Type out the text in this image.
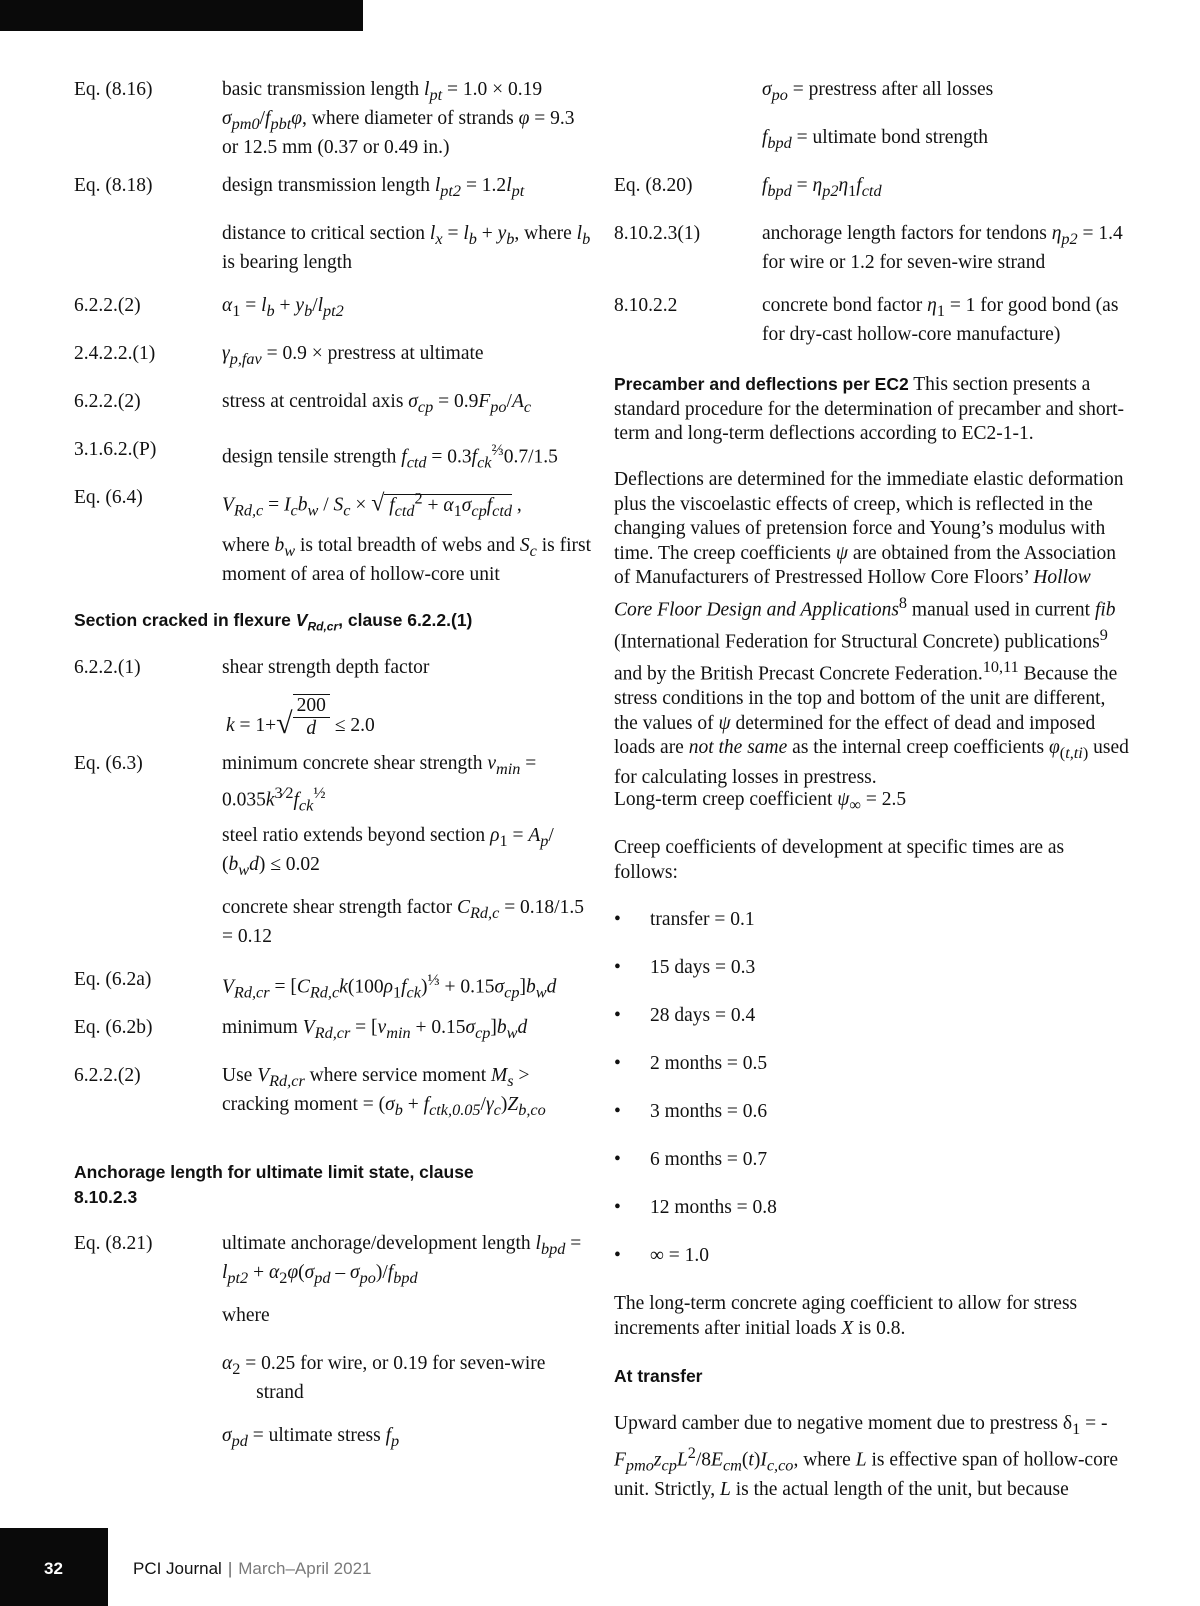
Eq. (8.16)	basic transmission length $l_{pt} = 1.0 \times 0.19$ $\sigma_{pm0}/f_{pbt}\varphi$, where diameter of strands φ = 9.3 or 12.5 mm (0.37 or 0.49 in.)
Eq. (8.18)	design transmission length $l_{pt2} = 1.2l_{pt}$
distance to critical section $l_x = l_b + y_b$, where $l_b$ is bearing length
6.2.2.(2)	$\alpha_1 = l_b + y_b/l_{pt2}$
2.4.2.2.(1)	$\gamma_{p,fav} = 0.9$ × prestress at ultimate
6.2.2.(2)	stress at centroidal axis $\sigma_{cp} = 0.9F_{po}/A_c$
3.1.6.2.(P)	design tensile strength $f_{ctd} = 0.3f_{ck}^{\frac{2}{3}}0.7/1.5$
Eq. (6.4)	$V_{Rd,c} = I_cb_w / S_c$ × √ $f_{ctd}^2 + \alpha_1\sigma_{cp}f_{ctd}$ ,
where $b_w$ is total breadth of webs and $S_c$ is first moment of area of hollow-core unit
Section cracked in flexure $V_{Rd,cr}$, clause 6.2.2.(1)
6.2.2.(1)	shear strength depth factor
$k = 1+√ \frac{200}{d} \le 2.0$
Eq. (6.3)	minimum concrete shear strength $v_{min} = 0.035k^{3⁄2}f_{ck}^{\frac{1}{2}}$
steel ratio extends beyond section $\rho_1 = A_p/$ $(b_wd) \le 0.02$
concrete shear strength factor $C_{Rd,c} = 0.18/1.5 = 0.12$
Eq. (6.2a)	$V_{Rd,cr} = [C_{Rd,c}k(100\rho_1f_{ck})^{\frac{1}{3}} + 0.15\sigma_{cp}]b_wd$
Eq. (6.2b)	minimum $V_{Rd,cr} = [v_{min} + 0.15\sigma_{cp}]b_wd$
6.2.2.(2)	Use $V_{Rd,cr}$ where service moment $M_s$ > cracking moment = $(\sigma_b + f_{ctk,0.05}/\gamma_c)Z_{b,co}$
Anchorage length for ultimate limit state, clause 8.10.2.3
Eq. (8.21)	ultimate anchorage/development length $l_{bpd} = l_{pt2} + \alpha_2\varphi(\sigma_{pd} - \sigma_{po})/f_{bpd}$
where
$\alpha_2 = 0.25$ for wire, or 0.19 for seven-wire
strand
$\sigma_{pd}$ = ultimate stress $f_p$
$\sigma_{po}$ = prestress after all losses
$f_{bpd}$ = ultimate bond strength
Eq. (8.20)	$f_{bpd} = \eta_{p2}\eta_1f_{ctd}$
8.10.2.3(1)	anchorage length factors for tendons $\eta_{p2} = 1.4$ for wire or 1.2 for seven-wire strand
8.10.2.2	concrete bond factor $\eta_1 = 1$ for good bond (as for dry-cast hollow-core manufacture)
Precamber and deflections per EC2 This section presents a standard procedure for the determination of precamber and short-term and long-term deflections according to EC2-1-1.
Deflections are determined for the immediate elastic deformation plus the viscoelastic effects of creep, which is reflected in the changing values of pretension force and Young’s modulus with time. The creep coefficients ψ are obtained from the Association of Manufacturers of Prestressed Hollow Core Floors’ Hollow Core Floor Design and Applications$^8$ manual used in current fib (International Federation for Structural Concrete) publications$^9$ and by the British Precast Concrete Federation.$^{10,11}$ Because the stress conditions in the top and bottom of the unit are different, the values of ψ determined for the effect of dead and imposed loads are not the same as the internal creep coefficients $\varphi_{(t,ti)}$ used for calculating losses in prestress.
Long-term creep coefficient $\psi_\infty = 2.5$
Creep coefficients of development at specific times are as follows:
• transfer = 0.1
• 15 days = 0.3
• 28 days = 0.4
• 2 months = 0.5
• 3 months = 0.6
• 6 months = 0.7
• 12 months = 0.8
• ∞ = 1.0
The long-term concrete aging coefficient to allow for stress increments after initial loads X is 0.8.
At transfer
Upward camber due to negative moment due to prestress $\delta_1 = -F_{pmo}z_{cp}L^2/8E_{cm}(t)I_{c,co}$, where L is effective span of hollow-core unit. Strictly, L is the actual length of the unit, but because
32	PCI Journal | March–April 2021
